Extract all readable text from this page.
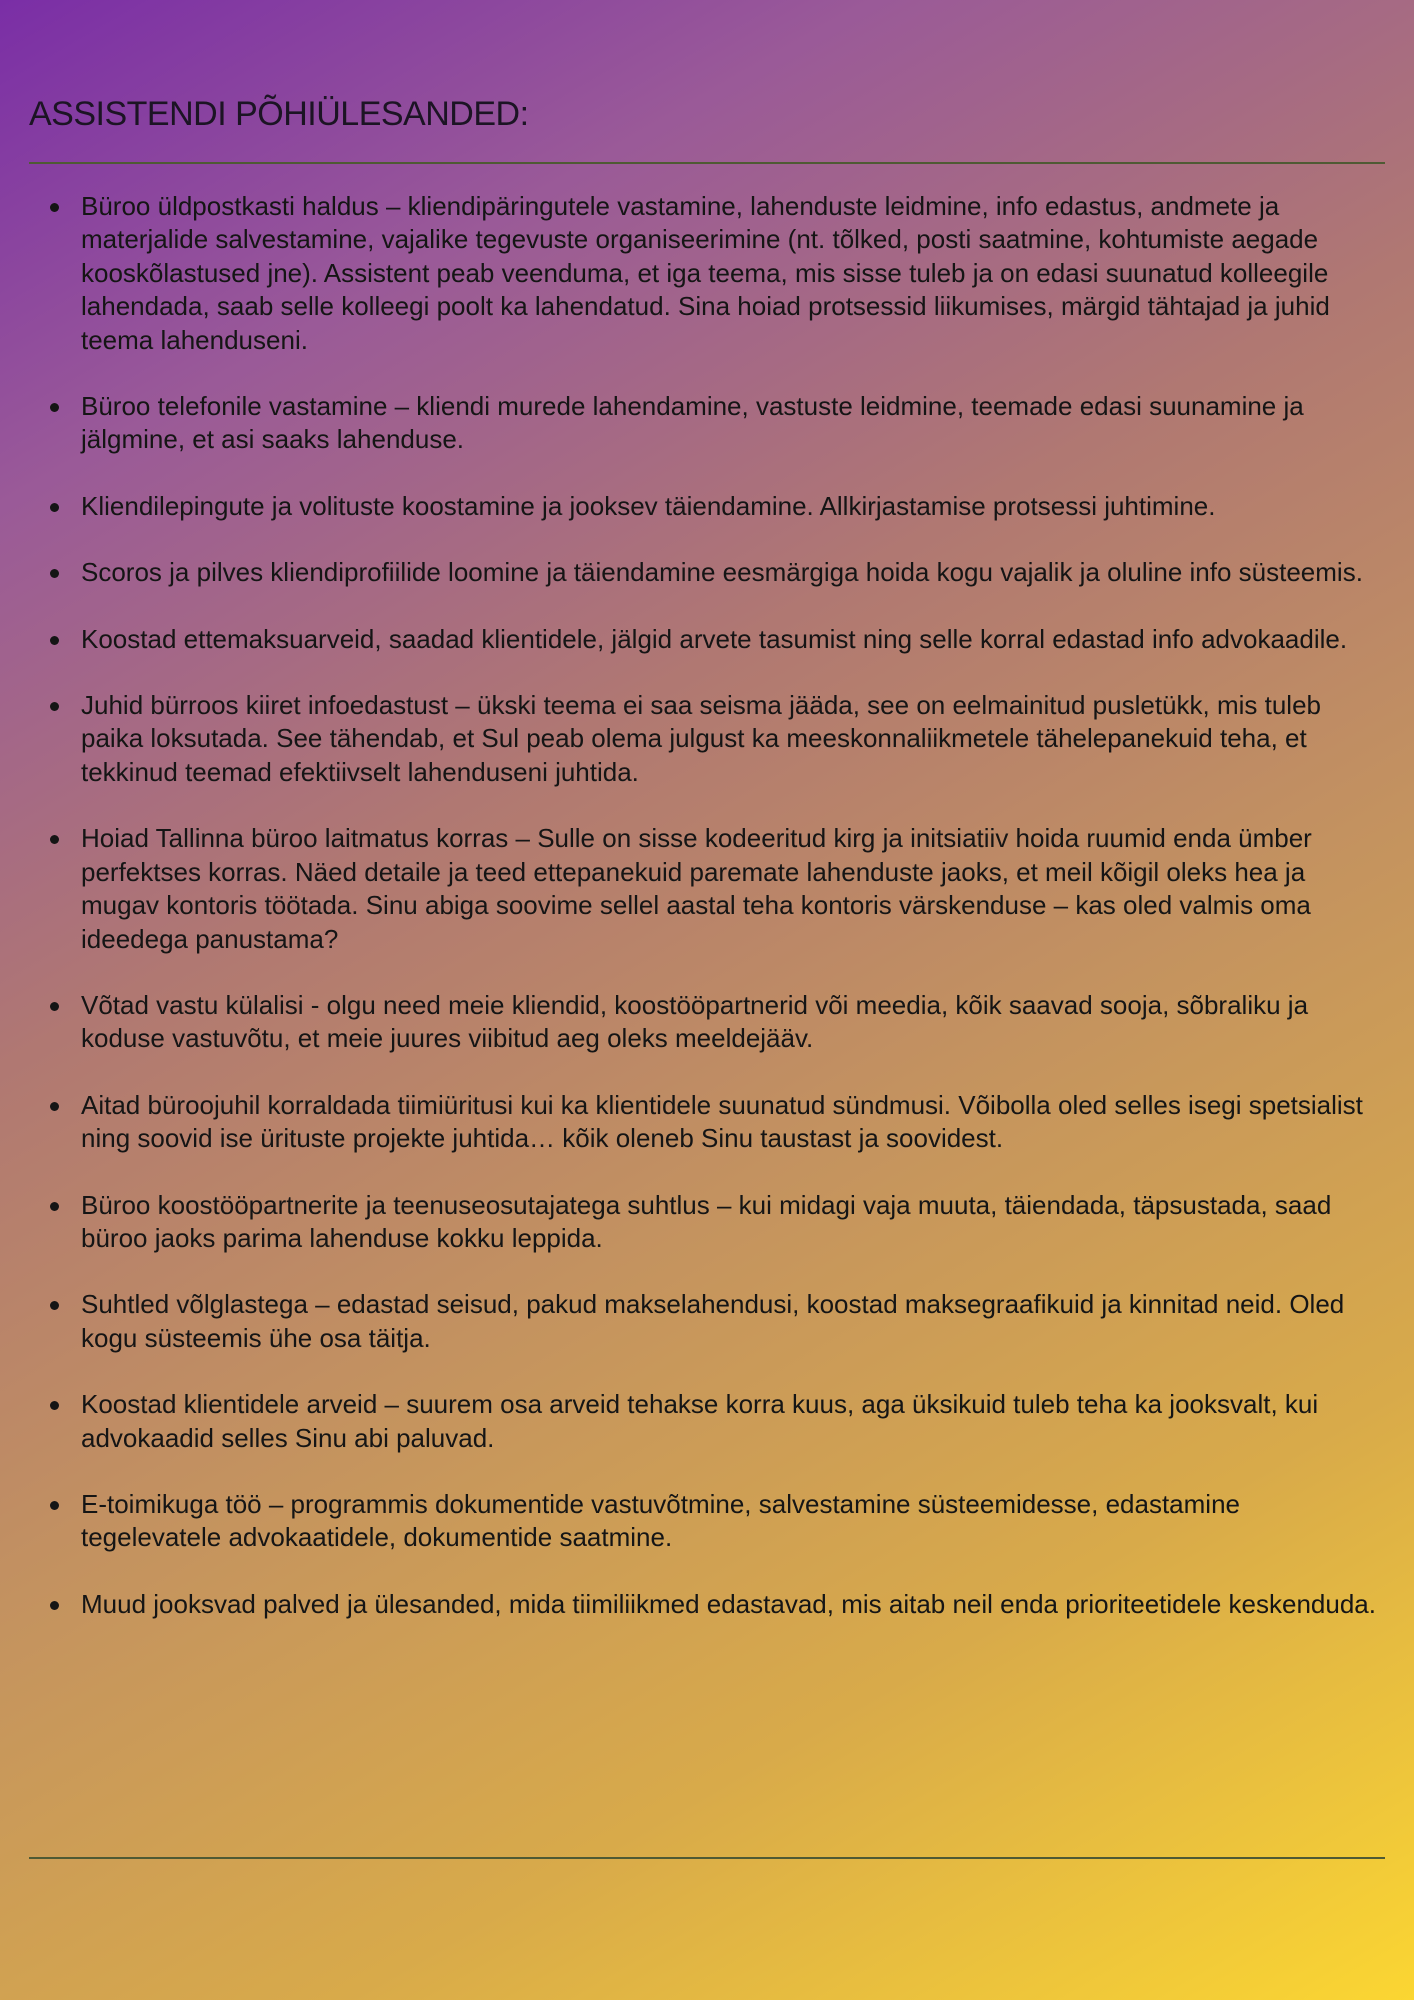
ASSISTENDI PÕHIÜLESANDED:
Büroo üldpostkasti haldus – kliendipäringutele vastamine, lahenduste leidmine, info edastus, andmete ja materjalide salvestamine, vajalike tegevuste organiseerimine (nt. tõlked, posti saatmine, kohtumiste aegade kooskõlastused jne). Assistent peab veenduma, et iga teema, mis sisse tuleb ja on edasi suunatud kolleegile lahendada, saab selle kolleegi poolt ka lahendatud. Sina hoiad protsessid liikumises, märgid tähtajad ja juhid teema lahenduseni.
Büroo telefonile vastamine – kliendi murede lahendamine, vastuste leidmine, teemade edasi suunamine ja jälgmine, et asi saaks lahenduse.
Kliendilepingute ja volituste koostamine ja jooksev täiendamine. Allkirjastamise protsessi juhtimine.
Scoros ja pilves kliendiprofiilide loomine ja täiendamine eesmärgiga hoida kogu vajalik ja oluline info süsteemis.
Koostad ettemaksuarveid, saadad klientidele, jälgid arvete tasumist ning selle korral edastad info advokaadile.
Juhid bürroos kiiret infoedastust – ükski teema ei saa seisma jääda, see on eelmainitud pusletükk, mis tuleb paika loksutada. See tähendab, et Sul peab olema julgust ka meeskonnaliikmetele tähelepanekuid teha, et tekkinud teemad efektiivselt lahenduseni juhtida.
Hoiad Tallinna büroo laitmatus korras – Sulle on sisse kodeeritud kirg ja initsiatiiv hoida ruumid enda ümber perfektses korras. Näed detaile ja teed ettepanekuid paremate lahenduste jaoks, et meil kõigil oleks hea ja mugav kontoris töötada. Sinu abiga soovime sellel aastal teha kontoris värskenduse – kas oled valmis oma ideedega panustama?
Võtad vastu külalisi - olgu need meie kliendid, koostööpartnerid või meedia, kõik saavad sooja, sõbraliku ja koduse vastuvõtu, et meie juures viibitud aeg oleks meeldejääv.
Aitad büroojuhil korraldada tiimiüritusi kui ka klientidele suunatud sündmusi. Võibolla oled selles isegi spetsialist ning soovid ise ürituste projekte juhtida… kõik oleneb Sinu taustast ja soovidest.
Büroo koostööpartnerite ja teenuseosutajatega suhtlus – kui midagi vaja muuta, täiendada, täpsustada, saad büroo jaoks parima lahenduse kokku leppida.
Suhtled võlglastega – edastad seisud, pakud makselahendusi, koostad maksegraafikuid ja kinnitad neid. Oled kogu süsteemis ühe osa täitja.
Koostad klientidele arveid – suurem osa arveid tehakse korra kuus, aga üksikuid tuleb teha ka jooksvalt, kui advokaadid selles Sinu abi paluvad.
E-toimikuga töö – programmis dokumentide vastuvõtmine, salvestamine süsteemidesse, edastamine tegelevatele advokaatidele, dokumentide saatmine.
Muud jooksvad palved ja ülesanded, mida tiimiliikmed edastavad, mis aitab neil enda prioriteetidele keskenduda.
